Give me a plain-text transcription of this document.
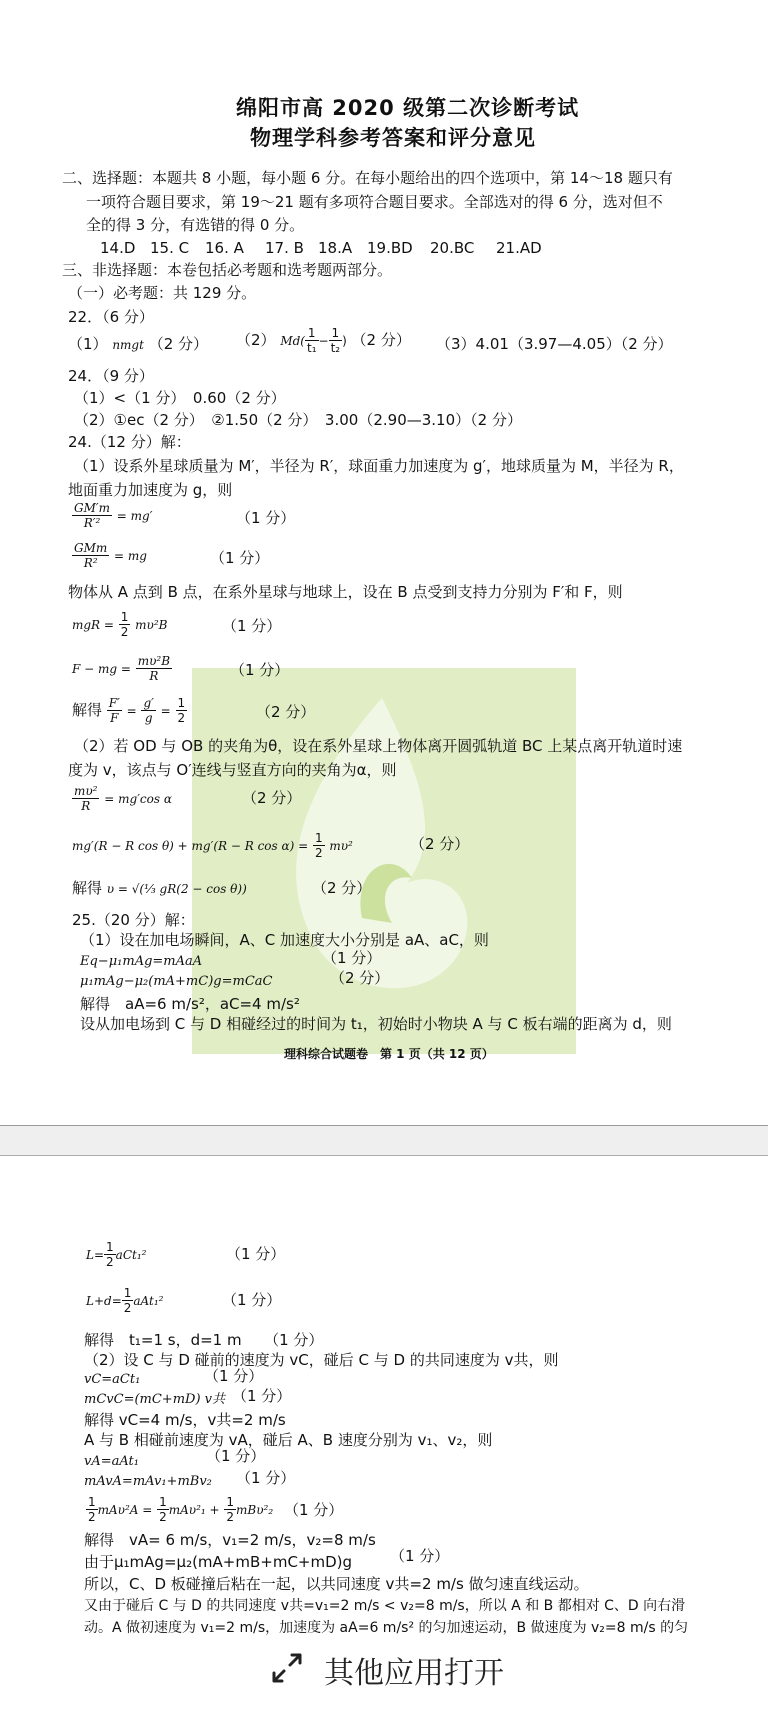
绵阳市高 2020 级第二次诊断考试
物理学科参考答案和评分意见
二、选择题：本题共 8 小题，每小题 6 分。在每小题给出的四个选项中，第 14～18 题只有
一项符合题目要求，第 19～21 题有多项符合题目要求。全部选对的得 6 分，选对但不
全的得 3 分，有选错的得 0 分。
14.D 15. C 16. A 17. B 18.A 19.BD 20.BC 21.AD
三、非选择题：本卷包括必考题和选考题两部分。
（一）必考题：共 129 分。
22．（6 分）
（1） nmgt （2 分） （2） $Md( \frac{1}{\text{t₁}} - \frac{1}{\text{t₂}}$ ) （2 分） （3）4.01（3.97—4.05）（2 分）
24．（9 分）
（1）<（1 分）　0.60（2 分）
（2）①ec（2 分）　②1.50（2 分）　3.00（2.90—3.10）（2 分）
24.（12 分）解：
（1）设系外星球质量为 M′，半径为 R′，球面重力加速度为 g′，地球质量为 M，半径为 R，
地面重力加速度为 g，则
$\frac{GM'm}{\text{R′²}} = mg'$	（1 分）
$\frac{\text{GMm}}{\text{R²}}$ = mg	（1 分）
物体从 A 点到 B 点，在系外星球与地球上，设在 B 点受到支持力分别为 F′和 F，则
mgR = $\frac{1}{2} m\upsilon^2B$	（1 分）
F − mg = $\frac{\text{mυ²B}}{R}$	（1 分）
解得 $\frac{F'}{F} = \frac{g'}{g} = \frac{1}{2}$	（2 分）
（2）若 OD 与 OB 的夹角为θ，设在系外星球上物体离开圆弧轨道 BC 上某点离开轨道时速
度为 v，该点与 O′连线与竖直方向的夹角为α，则
$\frac{\text{mυ²}}{R} = mg'\cos$ α	（2 分）
mg′(R − R cos θ) + mg′(R − R $\cos \alpha) = \frac{1}{2} m\upsilon^2$	（2 分）
解得 υ = √(⅓ gR(2 − cos θ))	（2 分）
25.（20 分）解：
（1）设在加电场瞬间，A、C 加速度大小分别是 aA、aC，则
Eq−μ₁mAg=mAaA	（1 分）
μ₁mAg−μ₂(mA+mC)g=mCaC	（2 分）
解得　aA=6 m/s²，aC=4 m/s²
设从加电场到 C 与 D 相碰经过的时间为 t₁，初始时小物块 A 与 C 板右端的距离为 d，则
理科综合试题卷　第 1 页（共 12 页）
$L= \frac{1}{2} aCt_1^2$	（1 分）
$L+d= \frac{1}{2} aAt_1^2$	（1 分）
解得　t₁=1 s，d=1 m　　（1 分）
（2）设 C 与 D 碰前的速度为 vC，碰后 C 与 D 的共同速度为 v共，则
vC=aCt₁	（1 分）
mCvC=(mC+mD) v共 （1 分）
解得 vC=4 m/s，v共=2 m/s
A 与 B 相碰前速度为 vA，碰后 A、B 速度分别为 v₁、v₂，则
vA=aAt₁	（1 分）
mAvA=mAv₁+mBv₂ （1 分）
$\frac{1}{2} mA\upsilon^2A = \frac{1}{2} mA\upsilon^2_1 + \frac{1}{2} mB\upsilon^2_2$ （1 分）
解得　vA= 6 m/s，v₁=2 m/s，v₂=8 m/s
由于μ₁mAg=μ₂(mA+mB+mC+mD)g	（1 分）
所以，C、D 板碰撞后粘在一起，以共同速度 v共=2 m/s 做匀速直线运动。
又由于碰后 C 与 D 的共同速度 v共=v₁=2 m/s < v₂=8 m/s，所以 A 和 B 都相对 C、D 向右滑
动。A 做初速度为 v₁=2 m/s，加速度为 aA=6 m/s² 的匀加速运动，B 做速度为 v₂=8 m/s 的匀
其他应用打开
